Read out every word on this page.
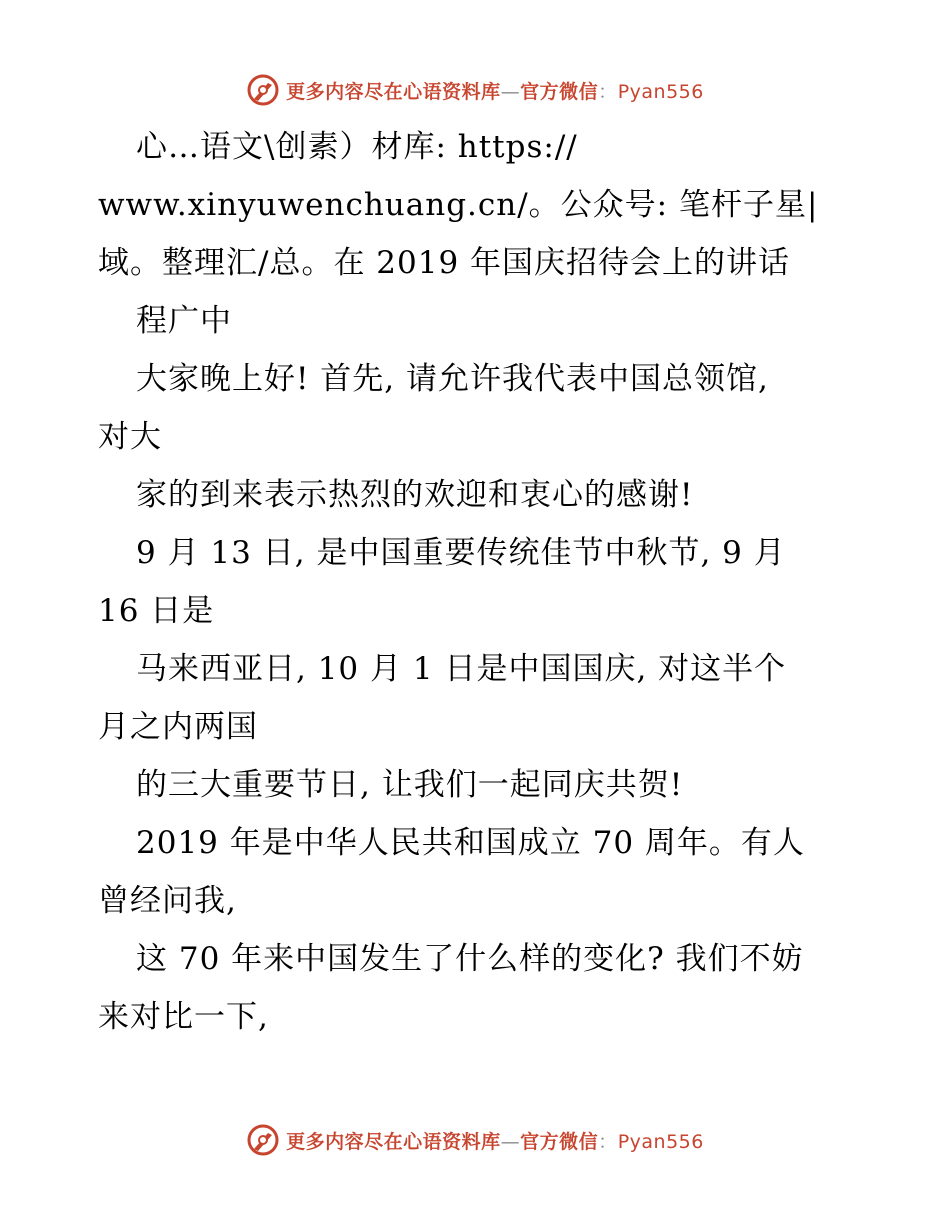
更多内容尽在心语资料库—官方微信：Pyan556
心…语文\创素）材库: https://
www.xinyuwenchuang.cn/。公众号: 笔杆子星|
域。整理汇/总。在 2019 年国庆招待会上的讲话
程广中
大家晚上好! 首先, 请允许我代表中国总领馆,
对大
家的到来表示热烈的欢迎和衷心的感谢!
9 月 13 日, 是中国重要传统佳节中秋节, 9 月
16 日是
马来西亚日, 10 月 1 日是中国国庆, 对这半个
月之内两国
的三大重要节日, 让我们一起同庆共贺!
2019 年是中华人民共和国成立 70 周年。有人
曾经问我,
这 70 年来中国发生了什么样的变化? 我们不妨
来对比一下,
更多内容尽在心语资料库—官方微信：Pyan556
